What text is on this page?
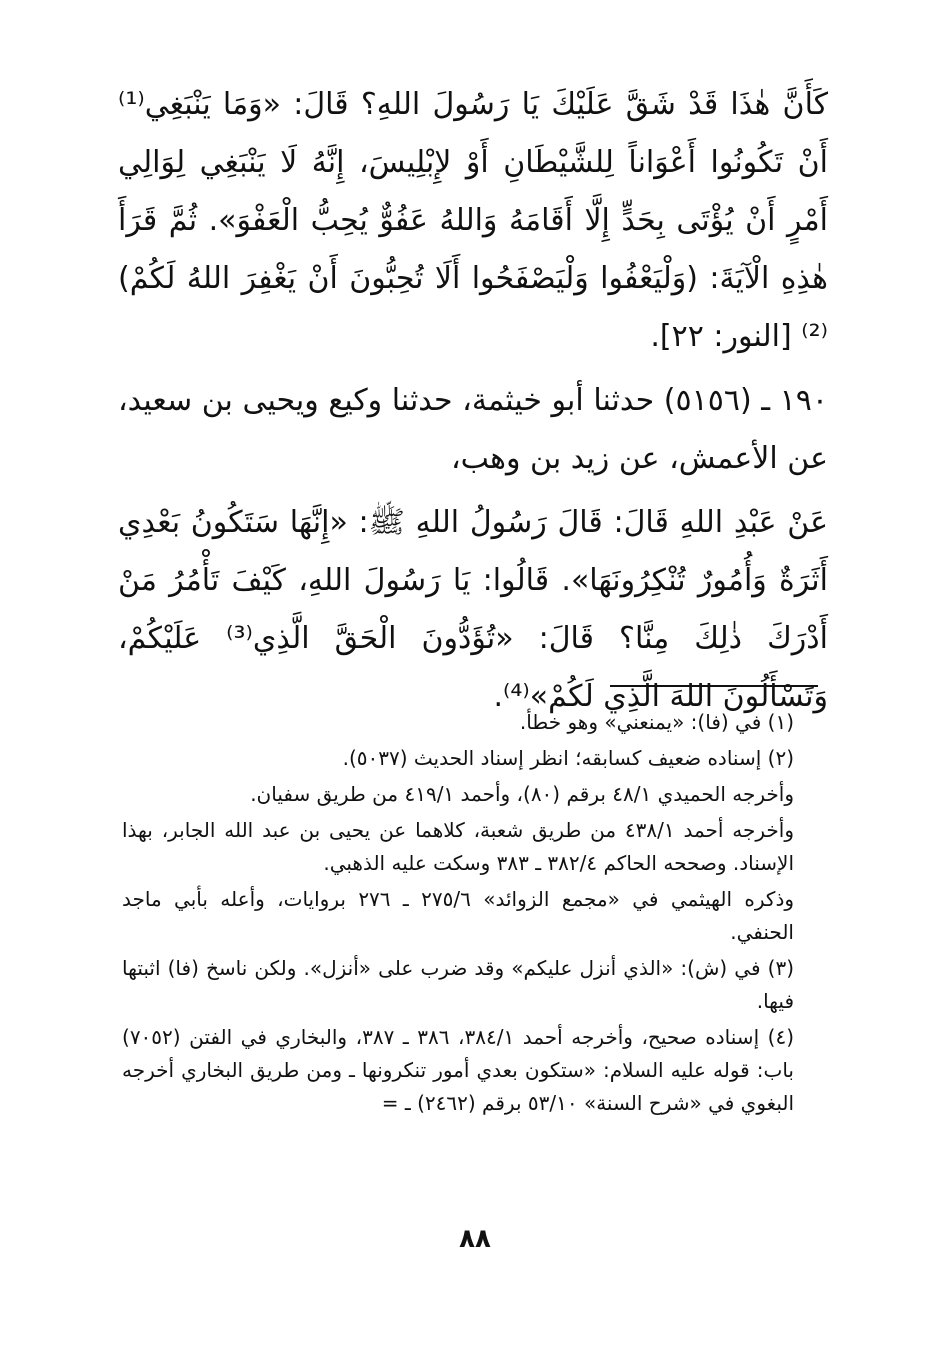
كَأَنَّ هٰذَا قَدْ شَقَّ عَلَيْكَ يَا رَسُولَ اللهِ؟ قَالَ: «وَمَا يَنْبَغِي⁽¹⁾ أَنْ تَكُونُوا أَعْوَاناً لِلشَّيْطَانِ أَوْ لإِبْلِيسَ، إِنَّهُ لَا يَنْبَغِي لِوَالِي أَمْرٍ أَنْ يُؤْتَى بِحَدٍّ إِلَّا أَقَامَهُ وَاللهُ عَفُوٌّ يُحِبُّ الْعَفْوَ». ثُمَّ قَرَأَ هٰذِهِ الْآيَةَ: (وَلْيَعْفُوا وَلْيَصْفَحُوا أَلَا تُحِبُّونَ أَنْ يَغْفِرَ اللهُ لَكُمْ)⁽²⁾ [النور: ٢٢].

١٩٠ ـ (٥١٥٦) حدثنا أبو خيثمة، حدثنا وكيع ويحيى بن سعيد، عن الأعمش، عن زيد بن وهب،

عَنْ عَبْدِ اللهِ قَالَ: قَالَ رَسُولُ اللهِ ﷺ: «إِنَّهَا سَتَكُونُ بَعْدِي أَثَرَةٌ وَأُمُورٌ تُنْكِرُونَهَا». قَالُوا: يَا رَسُولَ اللهِ، كَيْفَ تَأْمُرُ مَنْ أَدْرَكَ ذٰلِكَ مِنَّا؟ قَالَ: «تُؤَدُّونَ الْحَقَّ الَّذِي⁽³⁾ عَلَيْكُمْ، وَتَسْأَلُونَ اللهَ الَّذِي لَكُمْ»⁽⁴⁾.

(١) في (فا): «يمنعني» وهو خطأ.

(٢) إسناده ضعيف كسابقه؛ انظر إسناد الحديث (٥٠٣٧).

وأخرجه الحميدي ٤٨/١ برقم (٨٠)، وأحمد ٤١٩/١ من طريق سفيان.

وأخرجه أحمد ٤٣٨/١ من طريق شعبة، كلاهما عن يحيى بن عبد الله الجابر، بهذا الإسناد. وصححه الحاكم ٣٨٢/٤ ـ ٣٨٣ وسكت عليه الذهبي.

وذكره الهيثمي في «مجمع الزوائد» ٢٧٥/٦ ـ ٢٧٦ بروايات، وأعله بأبي ماجد الحنفي.

(٣) في (ش): «الذي أنزل عليكم» وقد ضرب على «أنزل». ولكن ناسخ (فا) اثبتها فيها.

(٤) إسناده صحيح، وأخرجه أحمد ٣٨٤/١، ٣٨٦ ـ ٣٨٧، والبخاري في الفتن (٧٠٥٢) باب: قوله عليه السلام: «ستكون بعدي أمور تنكرونها ـ ومن طريق البخاري أخرجه البغوي في «شرح السنة» ٥٣/١٠ برقم (٢٤٦٢) ـ =

٨٨
